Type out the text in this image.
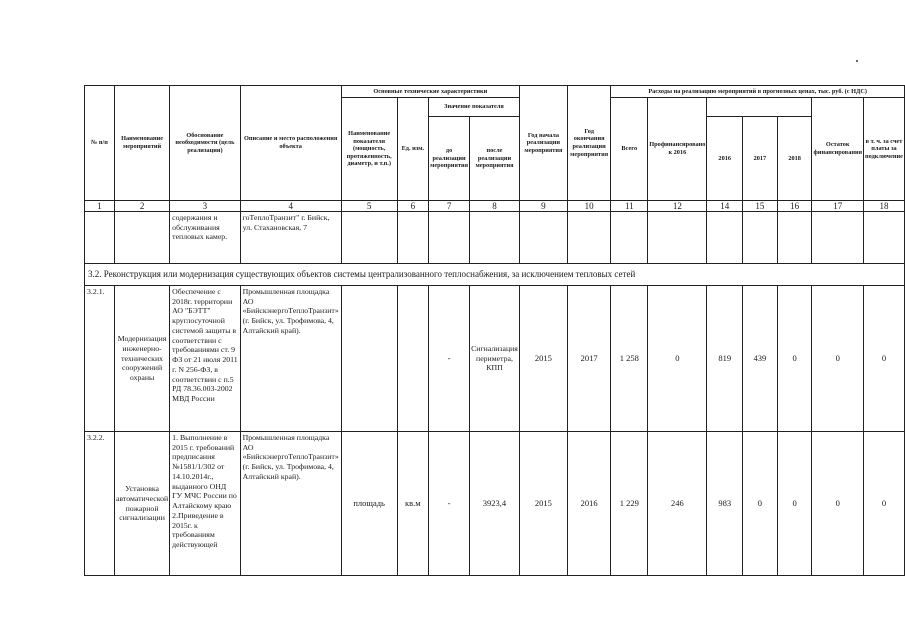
№ п/п	Наименование мероприятий	Обоснование необходимости (цель реализации)	Описание и место расположения объекта	Основные технические характеристики				Год начала реализации мероприятия	Год окончания реализации мероприятия	Расходы на реализацию мероприятий в прогнозных ценах, тыс. руб. (с НДС)						
				Наименование показателя (мощность, протяженность, диаметр, и т.п.)	Ед. изм.	Значение показателя				Всего	Профинансировано к 2016				Остаток финансирования	в т. ч. за счет платы за подключение
						до реализации мероприятия	после реализации мероприятия					2016	2017	2018		
1	2	3	4	5	6	7	8	9	10	11	12	14	15	16	17	18
		содержания и обслуживания тепловых камер.	гоТеплоТранзит" г. Бийск, ул. Стахановская, 7													
3.2. Реконструкция или модернизация существующих объектов системы централизованного теплоснабжения, за исключением тепловых сетей																
3.2.1.	Модернизация инженерно-технических сооружений охраны	Обеспечение с 2018г. территории АО "БЭТТ" круглосуточной системой защиты в соответствии с требованиями ст. 9 ФЗ от 21 июля 2011 г. N 256-ФЗ, в соответствии с п.5 РД 78.36.003-2002 МВД России	Промышленная площадка АО «БийскэнергоТеплоТранзит» (г. Бийск, ул. Трофимова, 4, Алтайский край).			-	Сигнализация периметра, КПП	2015	2017	1 258	0	819	439	0	0	0
3.2.2.	Установка автоматической пожарной сигнализации	1. Выполнение в 2015 г. требований предписания №1581/1/302 от 14.10.2014г., выданного ОНД ГУ МЧС России по Алтайскому краю 2.Приведение в 2015г. к требованиям действующей	Промышленная площадка АО «БийскэнергоТеплоТранзит» (г. Бийск, ул. Трофимова, 4, Алтайский край).	площадь	кв.м	-	3923,4	2015	2016	1 229	246	983	0	0	0	0
